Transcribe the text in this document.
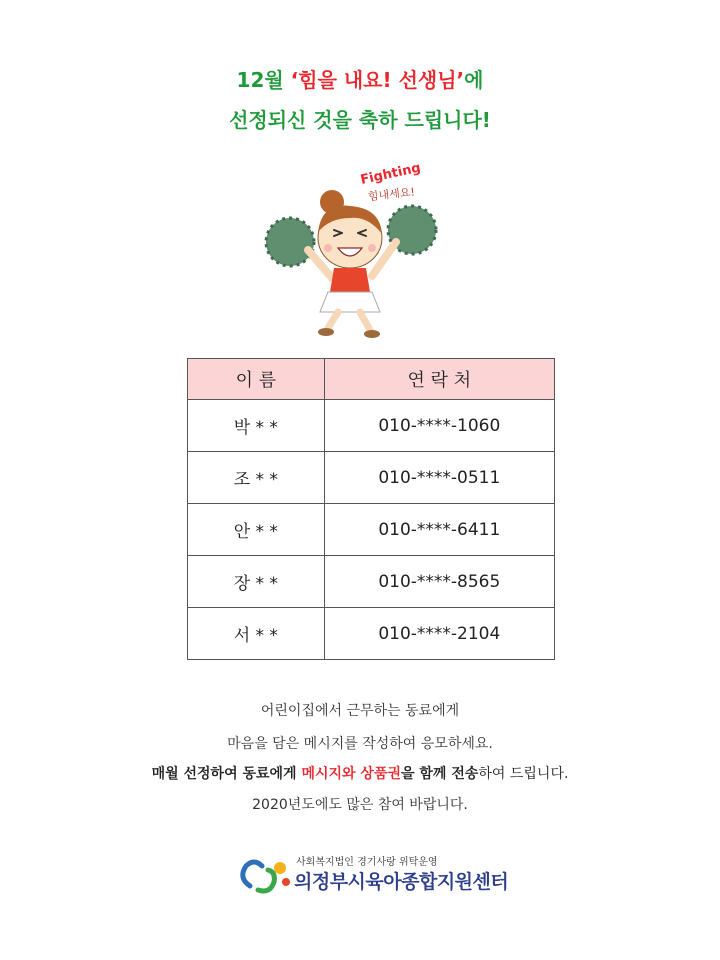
12월 ‘힘을 내요! 선생님’에
선정되신 것을 축하 드립니다!
Fighting
힘내세요!
이 름	연 락 처
박 * *	010-****-1060
조 * *	010-****-0511
안 * *	010-****-6411
장 * *	010-****-8565
서 * *	010-****-2104
어린이집에서 근무하는 동료에게
마음을 담은 메시지를 작성하여 응모하세요.
매월 선정하여 동료에게 메시지와 상품권을 함께 전송하여 드립니다.
2020년도에도 많은 참여 바랍니다.
사회복지법인 경기사랑 위탁운영
의정부시육아종합지원센터
